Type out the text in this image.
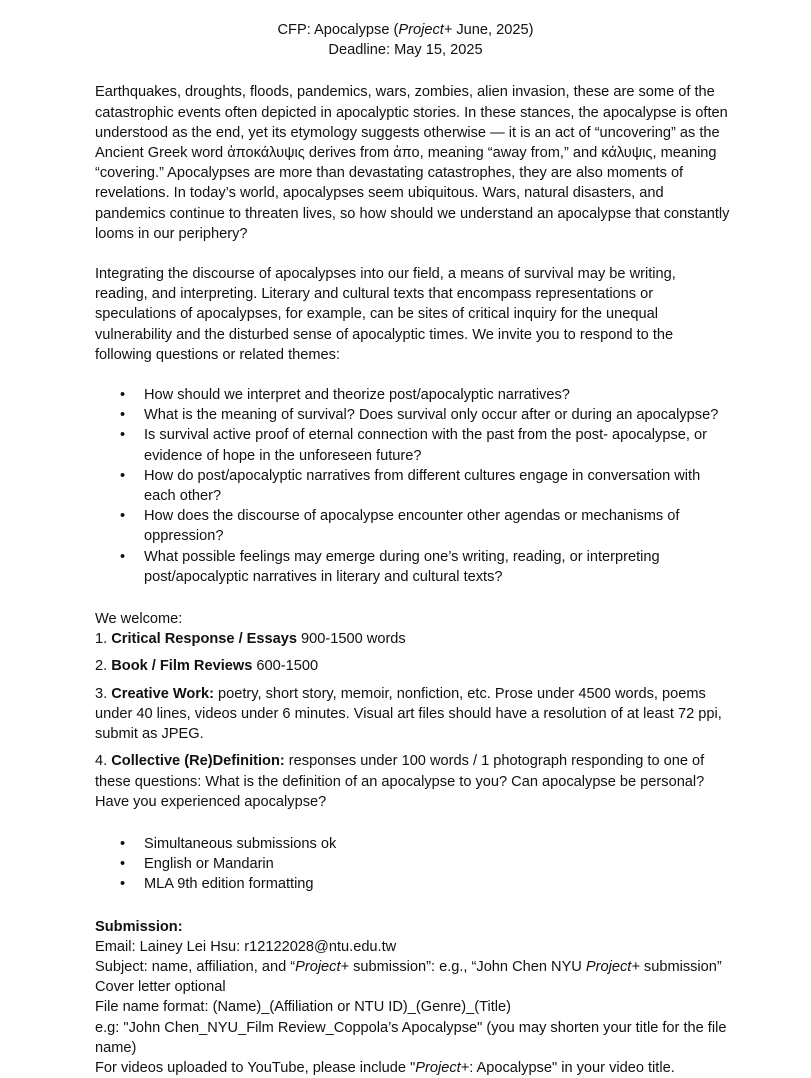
CFP: Apocalypse (Project+ June, 2025)
Deadline: May 15, 2025

Earthquakes, droughts, floods, pandemics, wars, zombies, alien invasion, these are some of the catastrophic events often depicted in apocalyptic stories. In these stances, the apocalypse is often understood as the end, yet its etymology suggests otherwise — it is an act of “uncovering” as the Ancient Greek word ἀποκάλυψις derives from ἀπο, meaning “away from,” and κάλυψις, meaning “covering.” Apocalypses are more than devastating catastrophes, they are also moments of revelations. In today’s world, apocalypses seem ubiquitous. Wars, natural disasters, and pandemics continue to threaten lives, so how should we understand an apocalypse that constantly looms in our periphery?

Integrating the discourse of apocalypses into our field, a means of survival may be writing, reading, and interpreting. Literary and cultural texts that encompass representations or speculations of apocalypses, for example, can be sites of critical inquiry for the unequal vulnerability and the disturbed sense of apocalyptic times. We invite you to respond to the following questions or related themes:

• How should we interpret and theorize post/apocalyptic narratives?
• What is the meaning of survival? Does survival only occur after or during an apocalypse?
• Is survival active proof of eternal connection with the past from the post- apocalypse, or evidence of hope in the unforeseen future?
• How do post/apocalyptic narratives from different cultures engage in conversation with each other?
• How does the discourse of apocalypse encounter other agendas or mechanisms of oppression?
• What possible feelings may emerge during one’s writing, reading, or interpreting post/apocalyptic narratives in literary and cultural texts?

We welcome:

1. Critical Response / Essays 900-1500 words

2. Book / Film Reviews 600-1500

3. Creative Work: poetry, short story, memoir, nonfiction, etc. Prose under 4500 words, poems under 40 lines, videos under 6 minutes. Visual art files should have a resolution of at least 72 ppi, submit as JPEG.

4. Collective (Re)Definition: responses under 100 words / 1 photograph responding to one of these questions: What is the definition of an apocalypse to you? Can apocalypse be personal? Have you experienced apocalypse?

• Simultaneous submissions ok
• English or Mandarin
• MLA 9th edition formatting
Submission:
Email: Lainey Lei Hsu: r12122028@ntu.edu.tw
Subject: name, affiliation, and “Project+ submission”: e.g., “John Chen NYU Project+ submission”
Cover letter optional
File name format: (Name)_(Affiliation or NTU ID)_(Genre)_(Title)
e.g: "John Chen_NYU_Film Review_Coppola’s Apocalypse" (you may shorten your title for the file name)
For videos uploaded to YouTube, please include "Project+: Apocalypse" in your video title.
